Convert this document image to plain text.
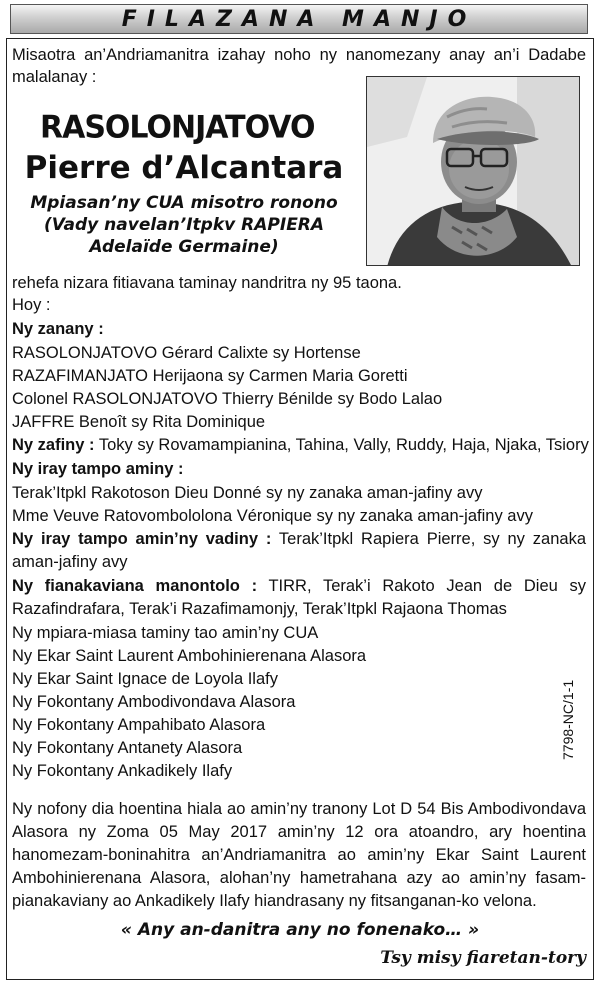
FILAZANA MANJO
Misaotra an’Andriamanitra izahay noho ny nanomezany anay an’i Dadabe
malalanay :
RASOLONJATOVO
Pierre d’Alcantara
Mpiasan’ny CUA misotro ronono
(Vady navelan’Itpkv RAPIERA
Adelaïde Germaine)
rehefa nizara fitiavana taminay nandritra ny 95 taona.
Hoy :
Ny zanany :
RASOLONJATOVO Gérard Calixte sy Hortense
RAZAFIMANJATO Herijaona sy Carmen Maria Goretti
Colonel RASOLONJATOVO Thierry Bénilde sy Bodo Lalao
JAFFRE Benoît sy Rita Dominique
Ny zafiny : Toky sy Rovamampianina, Tahina, Vally, Ruddy, Haja, Njaka, Tsiory
Ny iray tampo aminy :
Terak’Itpkl Rakotoson Dieu Donné sy ny zanaka aman-jafiny avy
Mme Veuve Ratovombololona Véronique sy ny zanaka aman-jafiny avy
Ny iray tampo amin’ny vadiny : Terak’Itpkl Rapiera Pierre, sy ny zanaka
aman-jafiny avy
Ny fianakaviana manontolo : TIRR, Terak’i Rakoto Jean de Dieu sy
Razafindrafara, Terak’i Razafimamonjy, Terak’Itpkl Rajaona Thomas
Ny mpiara-miasa taminy tao amin’ny CUA
Ny Ekar Saint Laurent Ambohinierenana Alasora
Ny Ekar Saint Ignace de Loyola Ilafy
Ny Fokontany Ambodivondava Alasora
Ny Fokontany Ampahibato Alasora
Ny Fokontany Antanety Alasora
Ny Fokontany Ankadikely Ilafy
7798-NC/1-1
Ny nofony dia hoentina hiala ao amin’ny tranony Lot D 54 Bis Ambodivondava
Alasora ny Zoma 05 May 2017 amin’ny 12 ora atoandro, ary hoentina
hanomezam-boninahitra an’Andriamanitra ao amin’ny Ekar Saint Laurent
Ambohinierenana Alasora, alohan’ny hametrahana azy ao amin’ny fasam-
pianakaviany ao Ankadikely Ilafy hiandrasany ny fitsanganan-ko velona.
« Any an-danitra any no fonenako… »
Tsy misy fiaretan-tory
